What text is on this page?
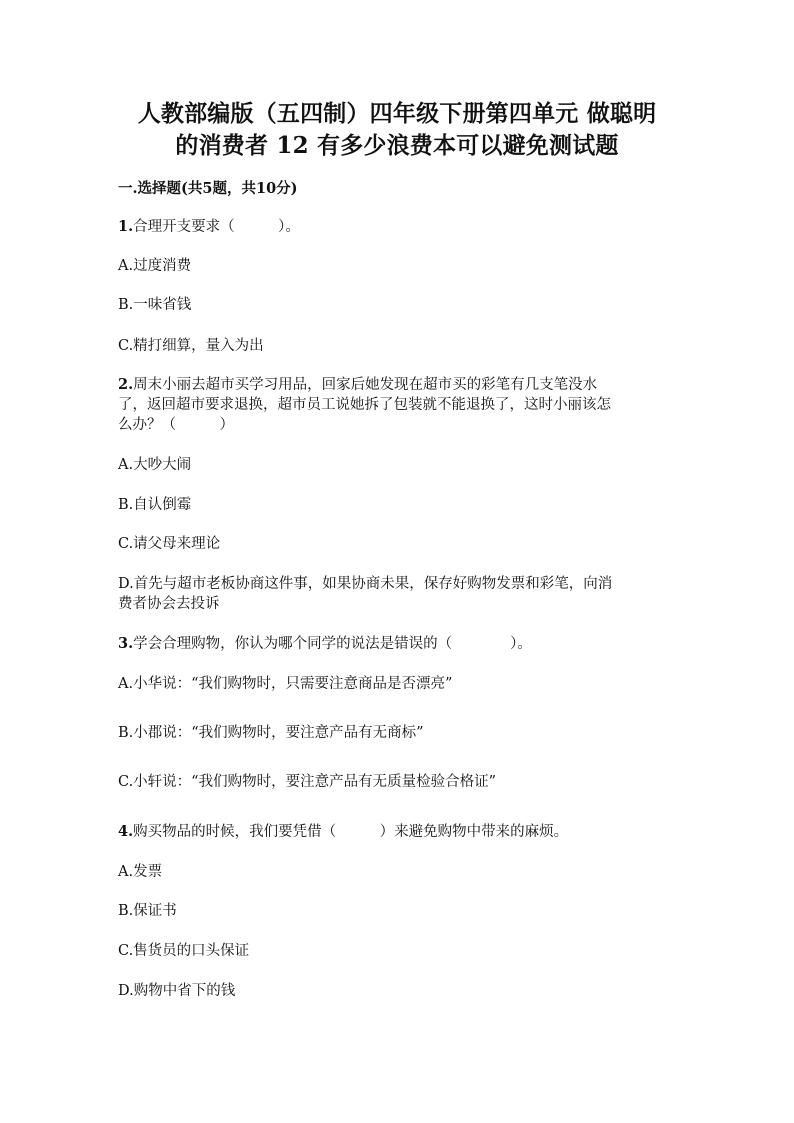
人教部编版（五四制）四年级下册第四单元 做聪明
的消费者 12 有多少浪费本可以避免测试题
一.选择题(共5题，共10分)
1.合理开支要求（　　　）。
A.过度消费
B.一味省钱
C.精打细算，量入为出
2.周末小丽去超市买学习用品，回家后她发现在超市买的彩笔有几支笔没水
了，返回超市要求退换，超市员工说她拆了包装就不能退换了，这时小丽该怎
么办？（　　　）
A.大吵大闹
B.自认倒霉
C.请父母来理论
D.首先与超市老板协商这件事，如果协商未果，保存好购物发票和彩笔，向消
费者协会去投诉
3.学会合理购物，你认为哪个同学的说法是错误的（　　　　）。
A.小华说：“我们购物时，只需要注意商品是否漂亮”
B.小郡说：“我们购物时，要注意产品有无商标”
C.小轩说：“我们购物时，要注意产品有无质量检验合格证”
4.购买物品的时候，我们要凭借（　　　）来避免购物中带来的麻烦。
A.发票
B.保证书
C.售货员的口头保证
D.购物中省下的钱
